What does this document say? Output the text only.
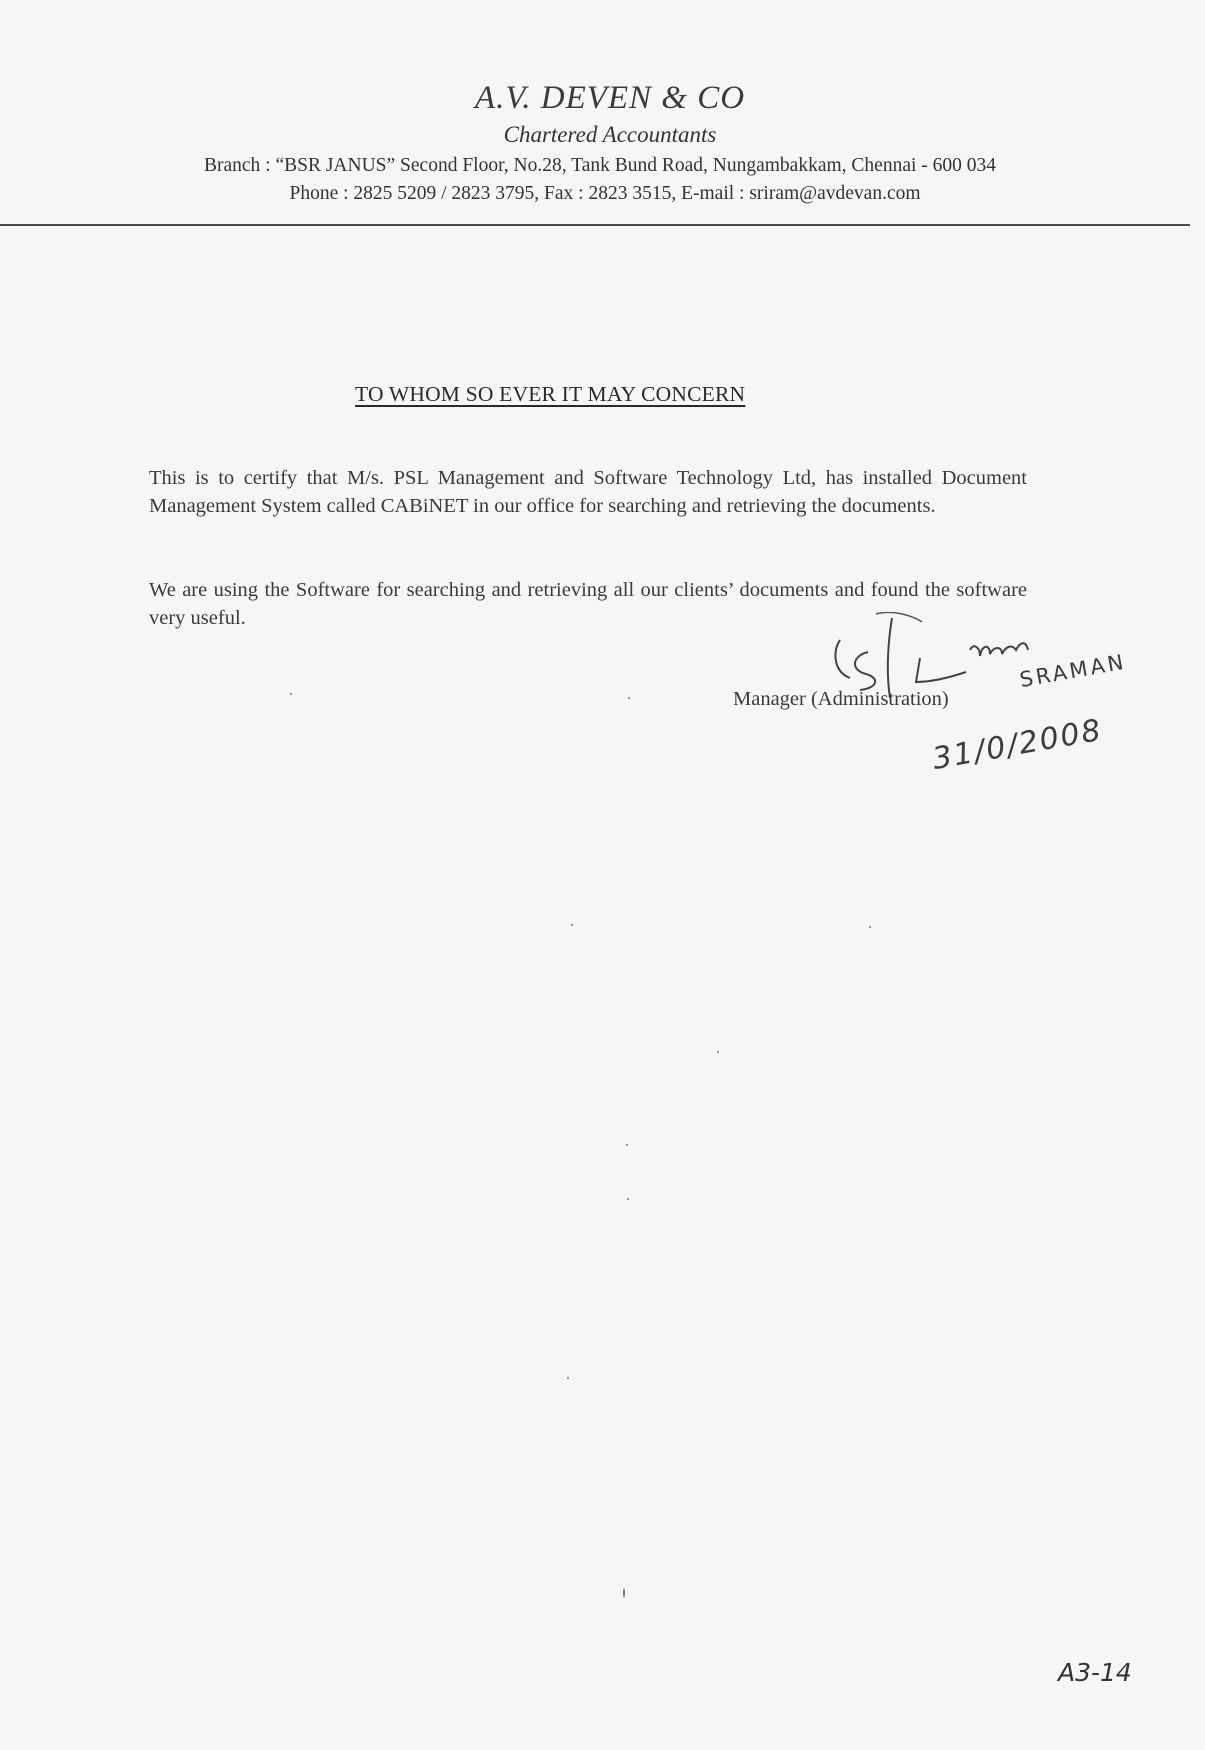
A.V. DEVEN & CO
Chartered Accountants
Branch : “BSR JANUS” Second Floor, No.28, Tank Bund Road, Nungambakkam, Chennai - 600 034
Phone : 2825 5209 / 2823 3795, Fax : 2823 3515, E-mail : sriram@avdevan.com
TO WHOM SO EVER IT MAY CONCERN
This is to certify that M/s. PSL Management and Software Technology Ltd, has installed Document Management System called CABiNET in our office for searching and retrieving the documents.
We are using the Software for searching and retrieving all our clients’ documents and found the software very useful.
Manager (Administration)
SRAMAN
31/0/2008
A3-14
